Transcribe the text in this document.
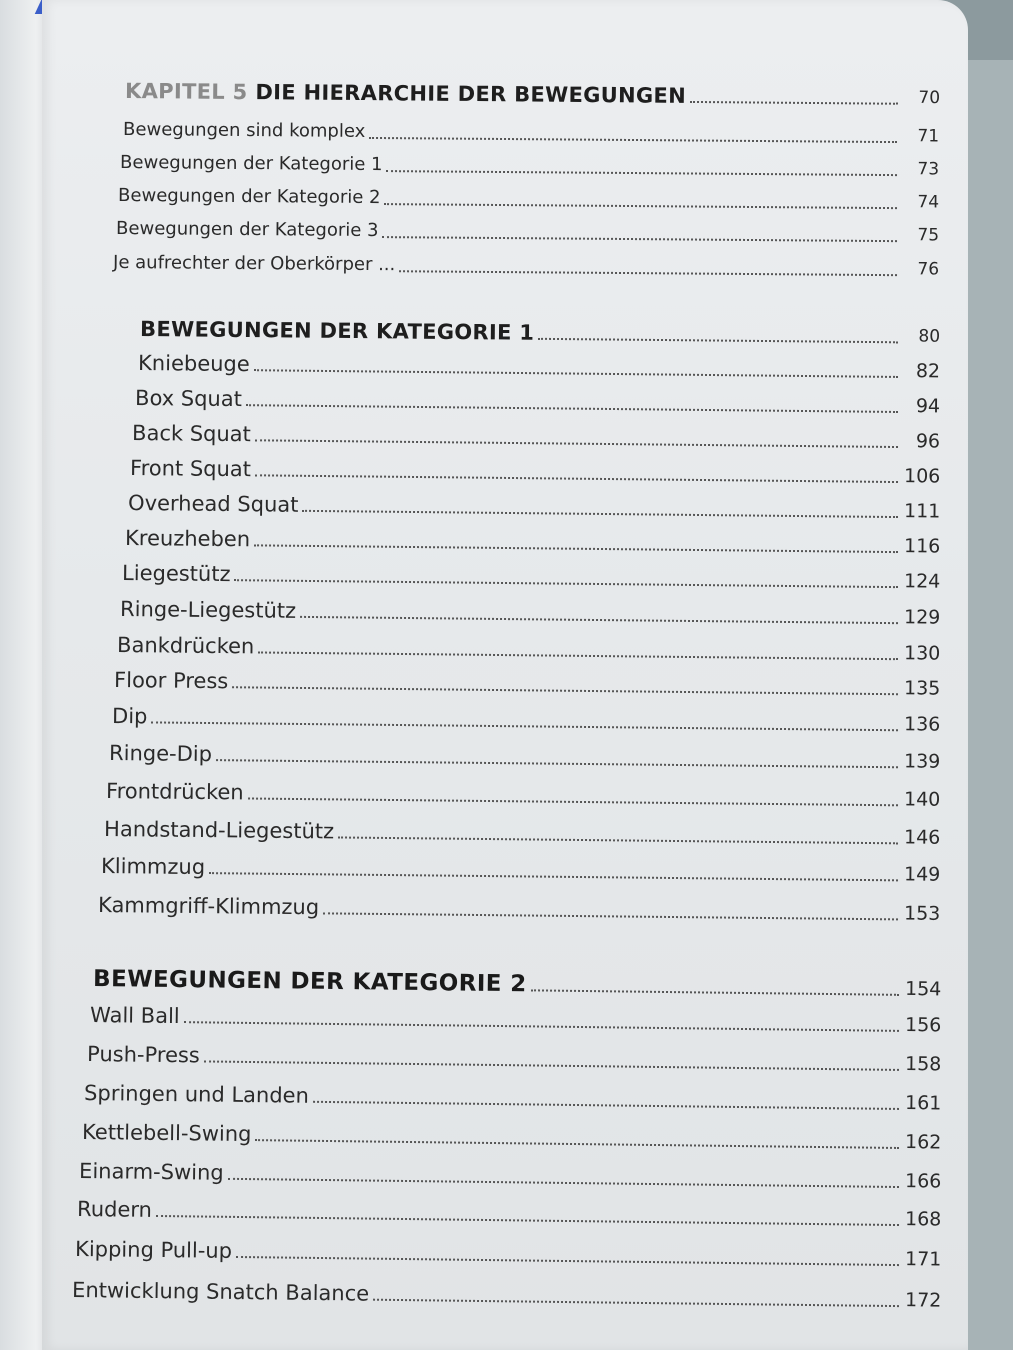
KAPITEL 5 DIE HIERARCHIE DER BEWEGUNGEN	70
Bewegungen sind komplex	71
Bewegungen der Kategorie 1	73
Bewegungen der Kategorie 2	74
Bewegungen der Kategorie 3	75
Je aufrechter der Oberkörper ...	76
BEWEGUNGEN DER KATEGORIE 1	80
Kniebeuge	82
Box Squat	94
Back Squat	96
Front Squat	106
Overhead Squat	111
Kreuzheben	116
Liegestütz	124
Ringe-Liegestütz	129
Bankdrücken	130
Floor Press	135
Dip	136
Ringe-Dip	139
Frontdrücken	140
Handstand-Liegestütz	146
Klimmzug	149
Kammgriff-Klimmzug	153
BEWEGUNGEN DER KATEGORIE 2	154
Wall Ball	156
Push-Press	158
Springen und Landen	161
Kettlebell-Swing	162
Einarm-Swing	166
Rudern	168
Kipping Pull-up	171
Entwicklung Snatch Balance	172
